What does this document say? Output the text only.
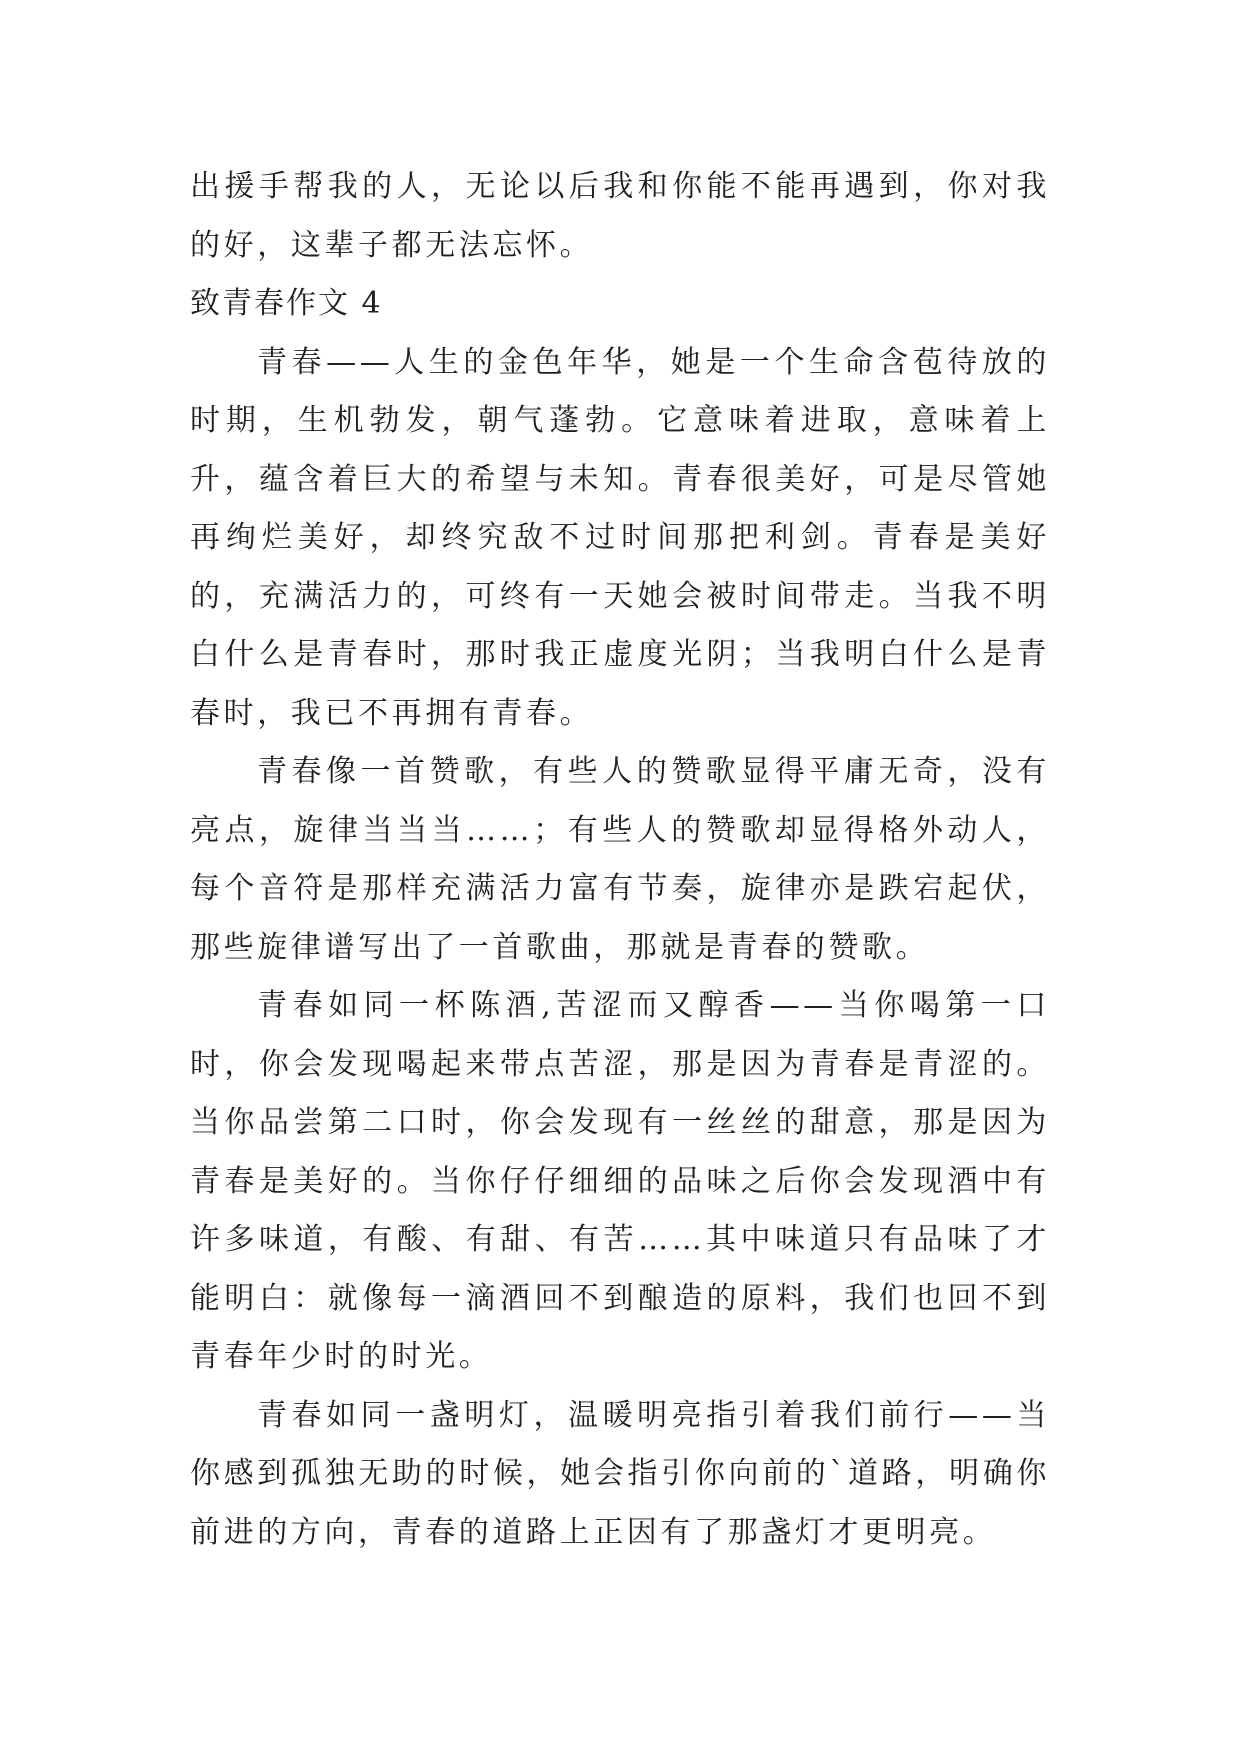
出援手帮我的人，无论以后我和你能不能再遇到，你对我的好，这辈子都无法忘怀。

致青春作文 4

青春——人生的金色年华，她是一个生命含苞待放的时期，生机勃发，朝气蓬勃。它意味着进取，意味着上升，蕴含着巨大的希望与未知。青春很美好，可是尽管她再绚烂美好，却终究敌不过时间那把利剑。青春是美好的，充满活力的，可终有一天她会被时间带走。当我不明白什么是青春时，那时我正虚度光阴；当我明白什么是青春时，我已不再拥有青春。

青春像一首赞歌，有些人的赞歌显得平庸无奇，没有亮点，旋律当当当……；有些人的赞歌却显得格外动人，每个音符是那样充满活力富有节奏，旋律亦是跌宕起伏，那些旋律谱写出了一首歌曲，那就是青春的赞歌。

青春如同一杯陈酒,苦涩而又醇香——当你喝第一口时，你会发现喝起来带点苦涩，那是因为青春是青涩的。当你品尝第二口时，你会发现有一丝丝的甜意，那是因为青春是美好的。当你仔仔细细的品味之后你会发现酒中有许多味道，有酸、有甜、有苦……其中味道只有品味了才能明白：就像每一滴酒回不到酿造的原料，我们也回不到青春年少时的时光。

青春如同一盏明灯，温暖明亮指引着我们前行——当你感到孤独无助的时候，她会指引你向前的`道路，明确你前进的方向，青春的道路上正因有了那盏灯才更明亮。
